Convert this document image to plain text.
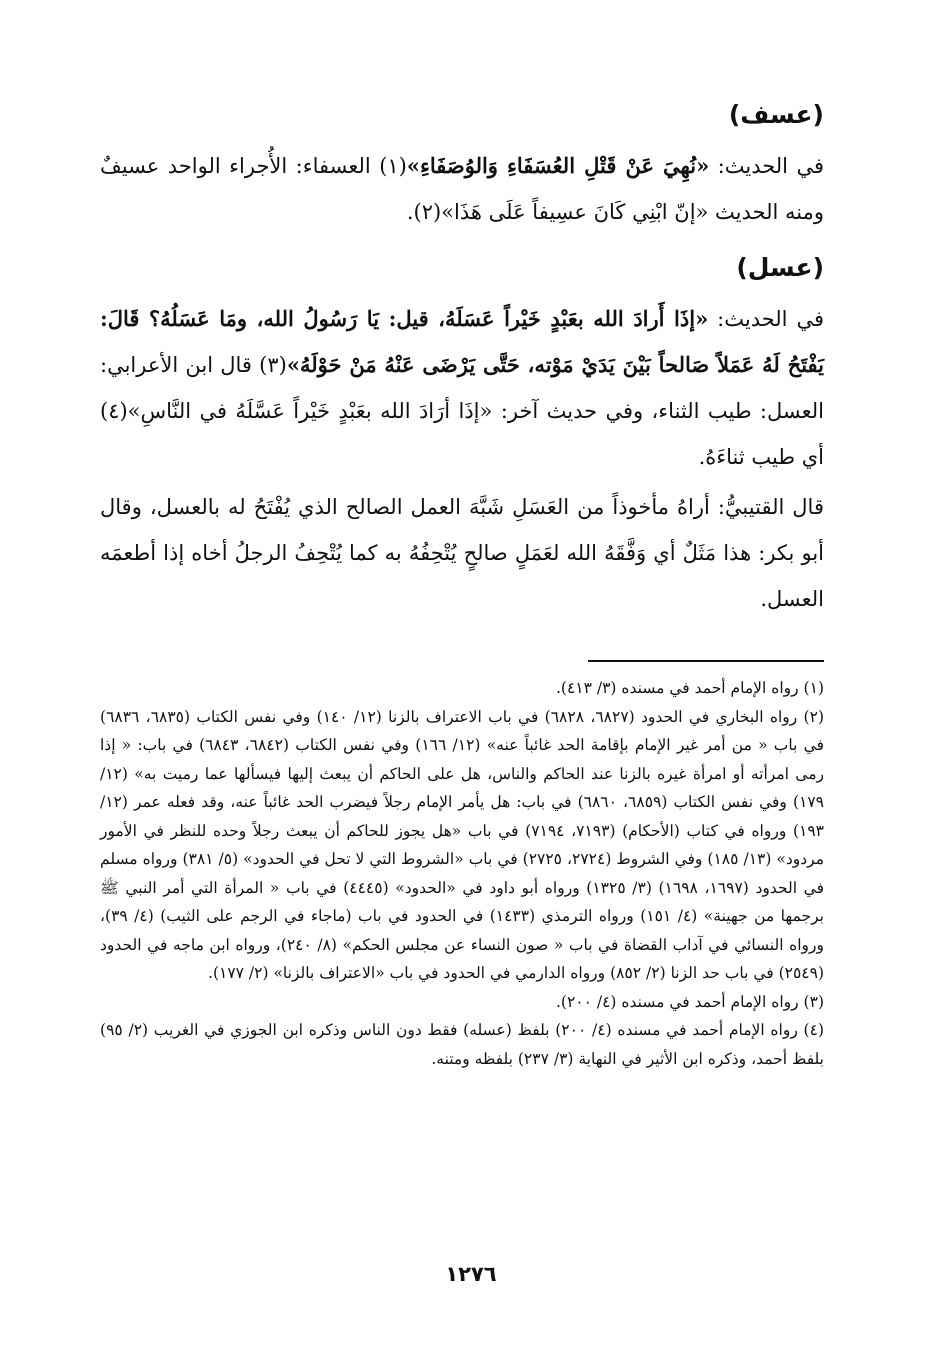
(عسف)

في الحديث: «نُهِيَ عَنْ قَتْلِ العُسَفَاءِ وَالوُصَفَاءِ»(١) العسفاء: الأُجراء الواحد عسيفٌ ومنه الحديث «إنّ ابْنِي كَانَ عسِيفاً عَلَى هَذَا»(٢).

(عسل)

في الحديث: «إذَا أَرادَ الله بعَبْدٍ خَيْراً عَسَلَهُ، قيل: يَا رَسُولُ الله، ومَا عَسَلُهُ؟ قَالَ: يَفْتَحُ لَهُ عَمَلاً صَالحاً بَيْنَ يَدَيْ مَوْته، حَتَّى يَرْضَى عَنْهُ مَنْ حَوْلَهُ»(٣) قال ابن الأعرابي: العسل: طيب الثناء، وفي حديث آخر: «إذَا أرَادَ الله بعَبْدٍ خَيْراً عَسَّلَهُ في النَّاسِ»(٤) أي طيب ثناءَهُ.

قال القتيبيُّ: أراهُ مأخوذاً من العَسَلِ شَبَّهَ العمل الصالح الذي يُفْتَحُ له بالعسل، وقال أبو بكر: هذا مَثَلٌ أي وَفَّقَهُ الله لعَمَلٍ صالحٍ يُتْحِفُهُ به كما يُتْحِفُ الرجلُ أخاه إذا أطعمَه العسل.

(١) رواه الإمام أحمد في مسنده (٣/ ٤١٣).

(٢) رواه البخاري في الحدود (٦٨٢٧، ٦٨٢٨) في باب الاعتراف بالزنا (١٢/ ١٤٠) وفي نفس الكتاب (٦٨٣٥، ٦٨٣٦) في باب « من أمر غير الإمام بإقامة الحد غائباً عنه» (١٢/ ١٦٦) وفي نفس الكتاب (٦٨٤٢، ٦٨٤٣) في باب: « إذا رمى امرأته أو امرأة غيره بالزنا عند الحاكم والناس، هل على الحاكم أن يبعث إليها فيسألها عما رميت به» (١٢/ ١٧٩) وفي نفس الكتاب (٦٨٥٩، ٦٨٦٠) في باب: هل يأمر الإمام رجلاً فيضرب الحد غائباً عنه، وقد فعله عمر (١٢/ ١٩٣) ورواه في كتاب (الأحكام) (٧١٩٣، ٧١٩٤) في باب «هل يجوز للحاكم أن يبعث رجلاً وحده للنظر في الأمور مردود» (١٣/ ١٨٥) وفي الشروط (٢٧٢٤، ٢٧٢٥) في باب «الشروط التي لا تحل في الحدود» (٥/ ٣٨١) ورواه مسلم في الحدود (١٦٩٧، ١٦٩٨) (٣/ ١٣٢٥) ورواه أبو داود في «الحدود» (٤٤٤٥) في باب « المرأة التي أمر النبي ﷺ برجمها من جهينة» (٤/ ١٥١) ورواه الترمذي (١٤٣٣) في الحدود في باب (ماجاء في الرجم على الثيب) (٤/ ٣٩)، ورواه النسائي في آداب القضاة في باب « صون النساء عن مجلس الحكم» (٨/ ٢٤٠)، ورواه ابن ماجه في الحدود (٢٥٤٩) في باب حد الزنا (٢/ ٨٥٢) ورواه الدارمي في الحدود في باب «الاعتراف بالزنا» (٢/ ١٧٧).

(٣) رواه الإمام أحمد في مسنده (٤/ ٢٠٠).

(٤) رواه الإمام أحمد في مسنده (٤/ ٢٠٠) بلفظ (عسله) فقط دون الناس وذكره ابن الجوزي في الغريب (٢/ ٩٥) بلفظ أحمد، وذكره ابن الأثير في النهاية (٣/ ٢٣٧) بلفظه ومتنه.

١٢٧٦
